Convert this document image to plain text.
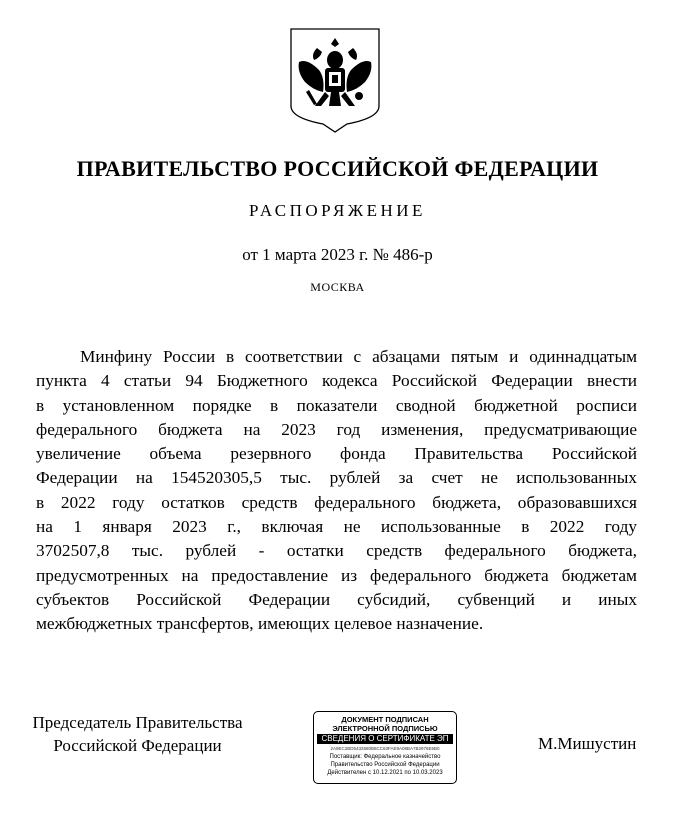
ПРАВИТЕЛЬСТВО РОССИЙСКОЙ ФЕДЕРАЦИИ
РАСПОРЯЖЕНИЕ
от 1 марта 2023 г. № 486-р
МОСКВА
Минфину России в соответствии с абзацами пятым и одиннадцатым
пункта 4 статьи 94 Бюджетного кодекса Российской Федерации внести
в установленном порядке в показатели сводной бюджетной росписи
федерального бюджета на 2023 год изменения, предусматривающие
увеличение объема резервного фонда Правительства Российской
Федерации на 154520305,5 тыс. рублей за счет не использованных
в 2022 году остатков средств федерального бюджета, образовавшихся
на 1 января 2023 г., включая не использованные в 2022 году
3702507,8 тыс. рублей - остатки средств федерального бюджета,
предусмотренных на предоставление из федерального бюджета бюджетам
субъектов Российской Федерации субсидий, субвенций и иных
межбюджетных трансфертов, имеющих целевое назначение.
Председатель Правительства
Российской Федерации
ДОКУМЕНТ ПОДПИСАН
ЭЛЕКТРОННОЙ ПОДПИСЬЮ
СВЕДЕНИЯ О СЕРТИФИКАТЕ ЭП
2A9EC2BD5432580B8CC63FAE9A08BA7B2976E6B0
Поставщик: Федеральное казначейство
Правительство Российской Федерации
Действителен с 10.12.2021 по 10.03.2023
М.Мишустин
